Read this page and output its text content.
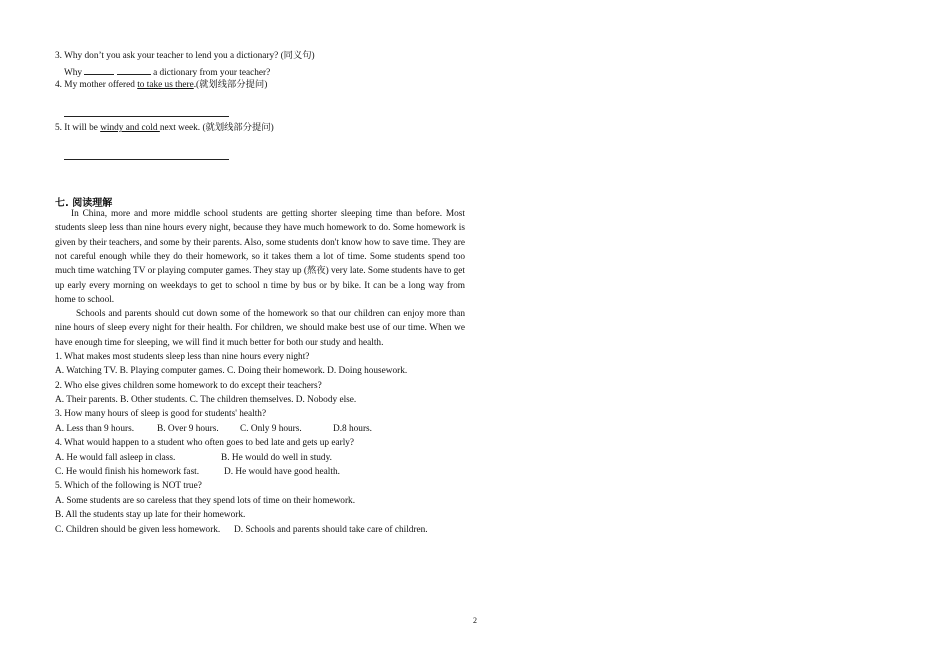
3. Why don’t you ask your teacher to lend you a dictionary? (同义句)
Why	a dictionary from your teacher?
4. My mother offered to take us there.(就划线部分提问)
5. It will be windy and cold next week. (就划线部分提问)
七. 阅读理解
In China, more and more middle school students are getting shorter sleeping time than before. Most students sleep less than nine hours every night, because they have much homework to do. Some homework is given by their teachers, and some by their parents. Also, some students don't know how to save time. They are not careful enough while they do their homework, so it takes them a lot of time. Some students spend too much time watching TV or playing computer games. They stay up (熬夜) very late. Some students have to get up early every morning on weekdays to get to school n time by bus or by bike. It can be a long way from home to school.
Schools and parents should cut down some of the homework so that our children can enjoy more than nine hours of sleep every night for their health. For children, we should make best use of our time. When we have enough time for sleeping, we will find it much better for both our study and health.
1. What makes most students sleep less than nine hours every night?
A. Watching TV. B. Playing computer games. C. Doing their homework. D. Doing housework.
2. Who else gives children some homework to do except their teachers?
A. Their parents. B. Other students. C. The children themselves. D. Nobody else.
3. How many hours of sleep is good for students' health?
A. Less than 9 hours. B. Over 9 hours. C. Only 9 hours.	D.8 hours.
4. What would happen to a student who often goes to bed late and gets up early?
A. He would fall asleep in class.	B. He would do well in study.
C. He would finish his homework fast.	D. He would have good health.
5. Which of the following is NOT true?
A. Some students are so careless that they spend lots of time on their homework.
B. All the students stay up late for their homework.
C. Children should be given less homework. D. Schools and parents should take care of children.
2
